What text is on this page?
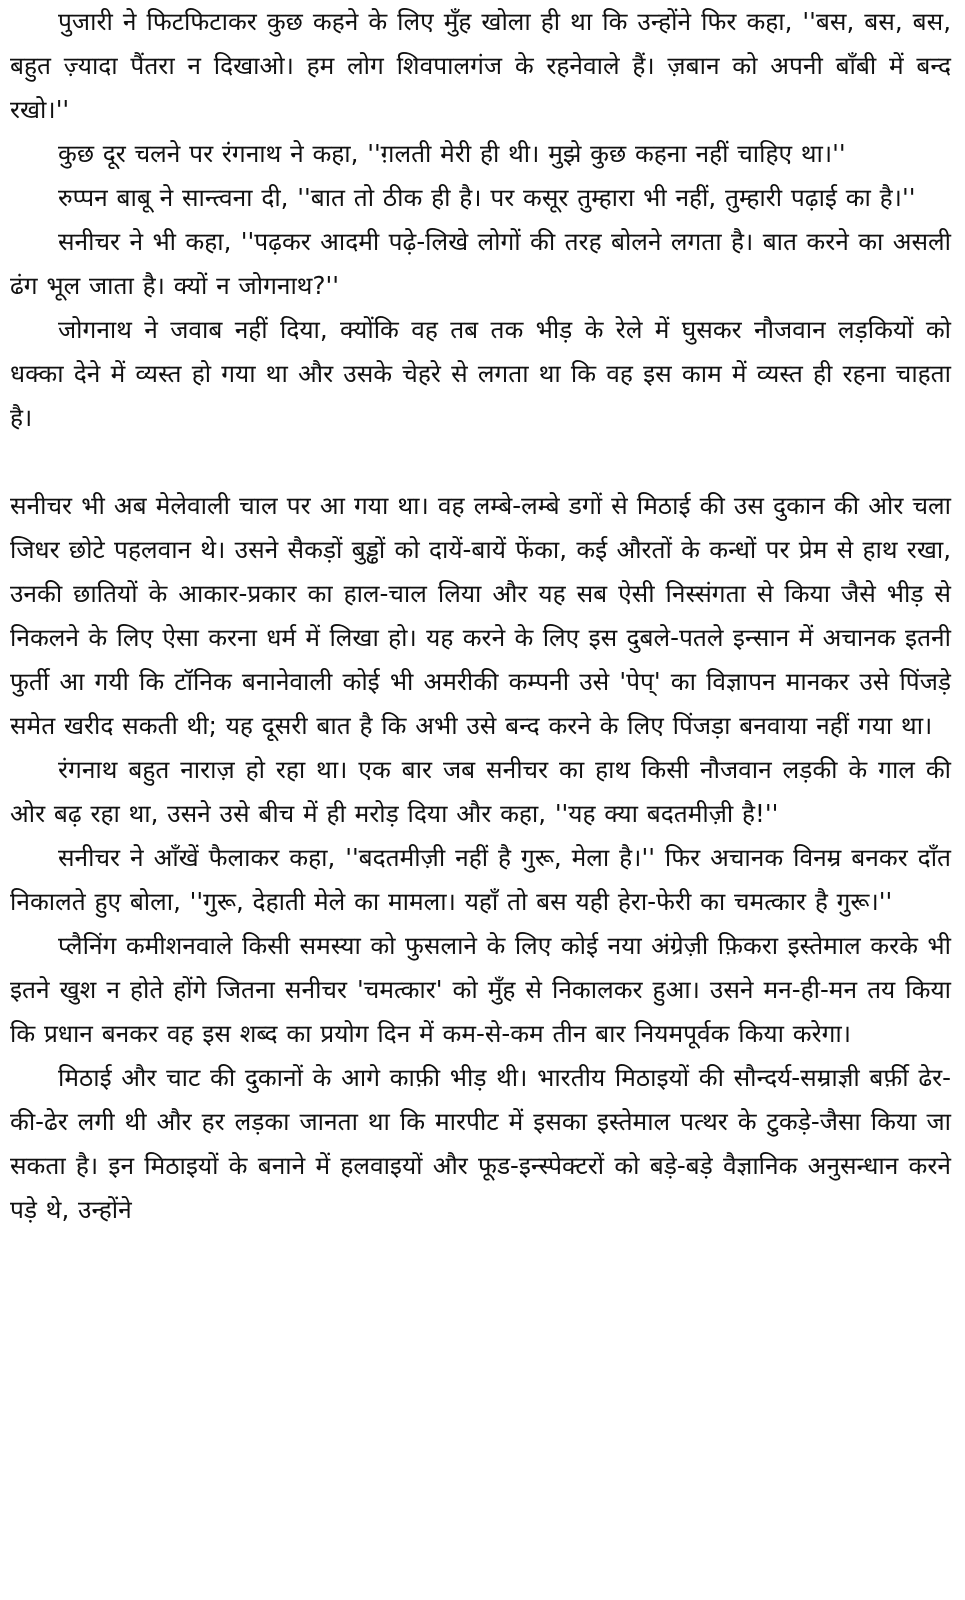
पुजारी ने फिटफिटाकर कुछ कहने के लिए मुँह खोला ही था कि उन्होंने फिर कहा, ''बस, बस, बस, बहुत ज़्यादा पैंतरा न दिखाओ। हम लोग शिवपालगंज के रहनेवाले हैं। ज़बान को अपनी बाँबी में बन्द रखो।''

कुछ दूर चलने पर रंगनाथ ने कहा, ''ग़लती मेरी ही थी। मुझे कुछ कहना नहीं चाहिए था।''

रुप्पन बाबू ने सान्त्वना दी, ''बात तो ठीक ही है। पर कसूर तुम्हारा भी नहीं, तुम्हारी पढ़ाई का है।''

सनीचर ने भी कहा, ''पढ़कर आदमी पढ़े-लिखे लोगों की तरह बोलने लगता है। बात करने का असली ढंग भूल जाता है। क्यों न जोगनाथ?''

जोगनाथ ने जवाब नहीं दिया, क्योंकि वह तब तक भीड़ के रेले में घुसकर नौजवान लड़कियों को धक्का देने में व्यस्त हो गया था और उसके चेहरे से लगता था कि वह इस काम में व्यस्त ही रहना चाहता है।

सनीचर भी अब मेलेवाली चाल पर आ गया था। वह लम्बे-लम्बे डगों से मिठाई की उस दुकान की ओर चला जिधर छोटे पहलवान थे। उसने सैकड़ों बुड्ढों को दायें-बायें फेंका, कई औरतों के कन्धों पर प्रेम से हाथ रखा, उनकी छातियों के आकार-प्रकार का हाल-चाल लिया और यह सब ऐसी निस्संगता से किया जैसे भीड़ से निकलने के लिए ऐसा करना धर्म में लिखा हो। यह करने के लिए इस दुबले-पतले इन्सान में अचानक इतनी फुर्ती आ गयी कि टॉनिक बनानेवाली कोई भी अमरीकी कम्पनी उसे 'पेप्' का विज्ञापन मानकर उसे पिंजड़े समेत खरीद सकती थी; यह दूसरी बात है कि अभी उसे बन्द करने के लिए पिंजड़ा बनवाया नहीं गया था।

रंगनाथ बहुत नाराज़ हो रहा था। एक बार जब सनीचर का हाथ किसी नौजवान लड़की के गाल की ओर बढ़ रहा था, उसने उसे बीच में ही मरोड़ दिया और कहा, ''यह क्या बदतमीज़ी है!''

सनीचर ने आँखें फैलाकर कहा, ''बदतमीज़ी नहीं है गुरू, मेला है।'' फिर अचानक विनम्र बनकर दाँत निकालते हुए बोला, ''गुरू, देहाती मेले का मामला। यहाँ तो बस यही हेरा-फेरी का चमत्कार है गुरू।''

प्लैनिंग कमीशनवाले किसी समस्या को फुसलाने के लिए कोई नया अंग्रेज़ी फ़िकरा इस्तेमाल करके भी इतने खुश न होते होंगे जितना सनीचर 'चमत्कार' को मुँह से निकालकर हुआ। उसने मन-ही-मन तय किया कि प्रधान बनकर वह इस शब्द का प्रयोग दिन में कम-से-कम तीन बार नियमपूर्वक किया करेगा।

मिठाई और चाट की दुकानों के आगे काफ़ी भीड़ थी। भारतीय मिठाइयों की सौन्दर्य-सम्राज्ञी बर्फ़ी ढेर-की-ढेर लगी थी और हर लड़का जानता था कि मारपीट में इसका इस्तेमाल पत्थर के टुकड़े-जैसा किया जा सकता है। इन मिठाइयों के बनाने में हलवाइयों और फूड-इन्स्पेक्टरों को बड़े-बड़े वैज्ञानिक अनुसन्धान करने पड़े थे, उन्होंने
